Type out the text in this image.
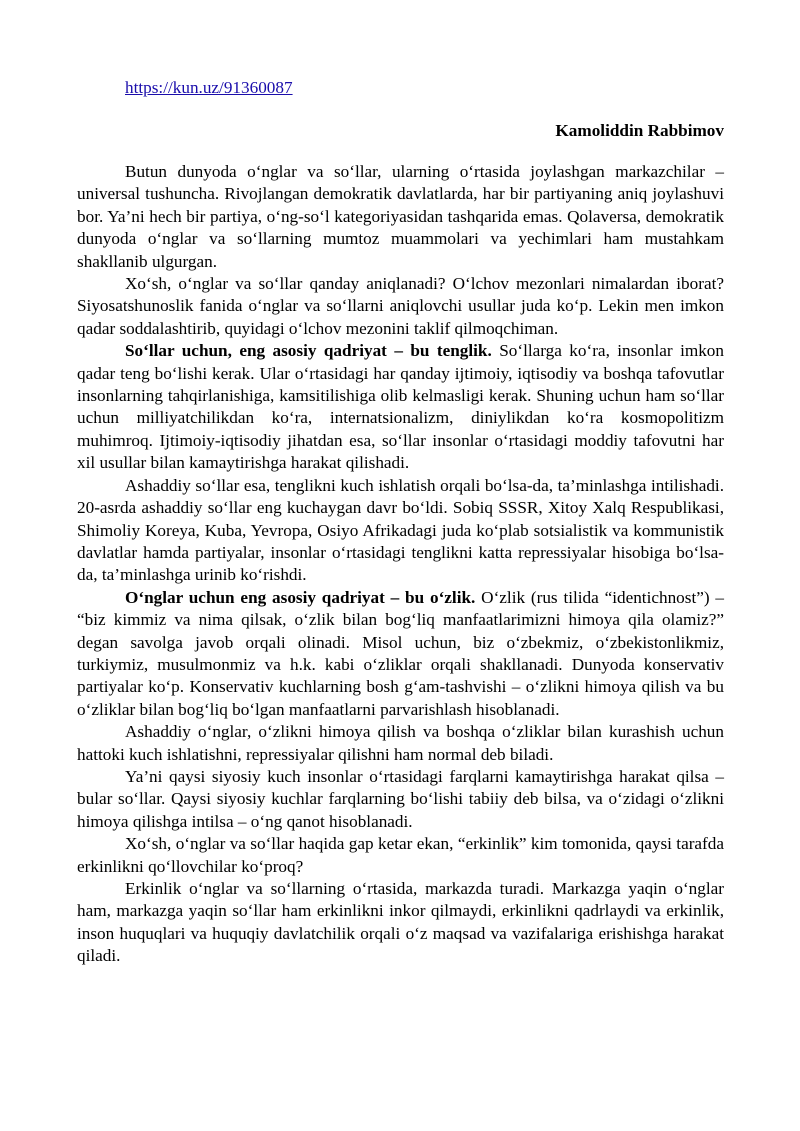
https://kun.uz/91360087
Kamoliddin Rabbimov

Butun dunyoda o‘nglar va so‘llar, ularning o‘rtasida joylashgan markazchilar – universal tushuncha. Rivojlangan demokratik davlatlarda, har bir partiyaning aniq joylashuvi bor. Ya’ni hech bir partiya, o‘ng-so‘l kategoriyasidan tashqarida emas. Qolaversa, demokratik dunyoda o‘nglar va so‘llarning mumtoz muammolari va yechimlari ham mustahkam shakllanib ulgurgan.

Xo‘sh, o‘nglar va so‘llar qanday aniqlanadi? O‘lchov mezonlari nimalardan iborat? Siyosatshunoslik fanida o‘nglar va so‘llarni aniqlovchi usullar juda ko‘p. Lekin men imkon qadar soddalashtirib, quyidagi o‘lchov mezonini taklif qilmoqchiman.

So‘llar uchun, eng asosiy qadriyat – bu tenglik. So‘llarga ko‘ra, insonlar imkon qadar teng bo‘lishi kerak. Ular o‘rtasidagi har qanday ijtimoiy, iqtisodiy va boshqa tafovutlar insonlarning tahqirlanishiga, kamsitilishiga olib kelmasligi kerak. Shuning uchun ham so‘llar uchun milliyatchilikdan ko‘ra, internatsionalizm, diniylikdan ko‘ra kosmopolitizm muhimroq. Ijtimoiy-iqtisodiy jihatdan esa, so‘llar insonlar o‘rtasidagi moddiy tafovutni har xil usullar bilan kamaytirishga harakat qilishadi.

Ashaddiy so‘llar esa, tenglikni kuch ishlatish orqali bo‘lsa-da, ta’minlashga intilishadi. 20-asrda ashaddiy so‘llar eng kuchaygan davr bo‘ldi. Sobiq SSSR, Xitoy Xalq Respublikasi, Shimoliy Koreya, Kuba, Yevropa, Osiyo Afrikadagi juda ko‘plab sotsialistik va kommunistik davlatlar hamda partiyalar, insonlar o‘rtasidagi tenglikni katta repressiyalar hisobiga bo‘lsa-da, ta’minlashga urinib ko‘rishdi.

O‘nglar uchun eng asosiy qadriyat – bu o‘zlik. O‘zlik (rus tilida “identichnost”) – “biz kimmiz va nima qilsak, o‘zlik bilan bog‘liq manfaatlarimizni himoya qila olamiz?” degan savolga javob orqali olinadi. Misol uchun, biz o‘zbekmiz, o‘zbekistonlikmiz, turkiymiz, musulmonmiz va h.k. kabi o‘zliklar orqali shakllanadi. Dunyoda konservativ partiyalar ko‘p. Konservativ kuchlarning bosh g‘am-tashvishi – o‘zlikni himoya qilish va bu o‘zliklar bilan bog‘liq bo‘lgan manfaatlarni parvarishlash hisoblanadi.

Ashaddiy o‘nglar, o‘zlikni himoya qilish va boshqa o‘zliklar bilan kurashish uchun hattoki kuch ishlatishni, repressiyalar qilishni ham normal deb biladi.

Ya’ni qaysi siyosiy kuch insonlar o‘rtasidagi farqlarni kamaytirishga harakat qilsa – bular so‘llar. Qaysi siyosiy kuchlar farqlarning bo‘lishi tabiiy deb bilsa, va o‘zidagi o‘zlikni himoya qilishga intilsa – o‘ng qanot hisoblanadi.

Xo‘sh, o‘nglar va so‘llar haqida gap ketar ekan, “erkinlik” kim tomonida, qaysi tarafda erkinlikni qo‘llovchilar ko‘proq?

Erkinlik o‘nglar va so‘llarning o‘rtasida, markazda turadi. Markazga yaqin o‘nglar ham, markazga yaqin so‘llar ham erkinlikni inkor qilmaydi, erkinlikni qadrlaydi va erkinlik, inson huquqlari va huquqiy davlatchilik orqali o‘z maqsad va vazifalariga erishishga harakat qiladi.
